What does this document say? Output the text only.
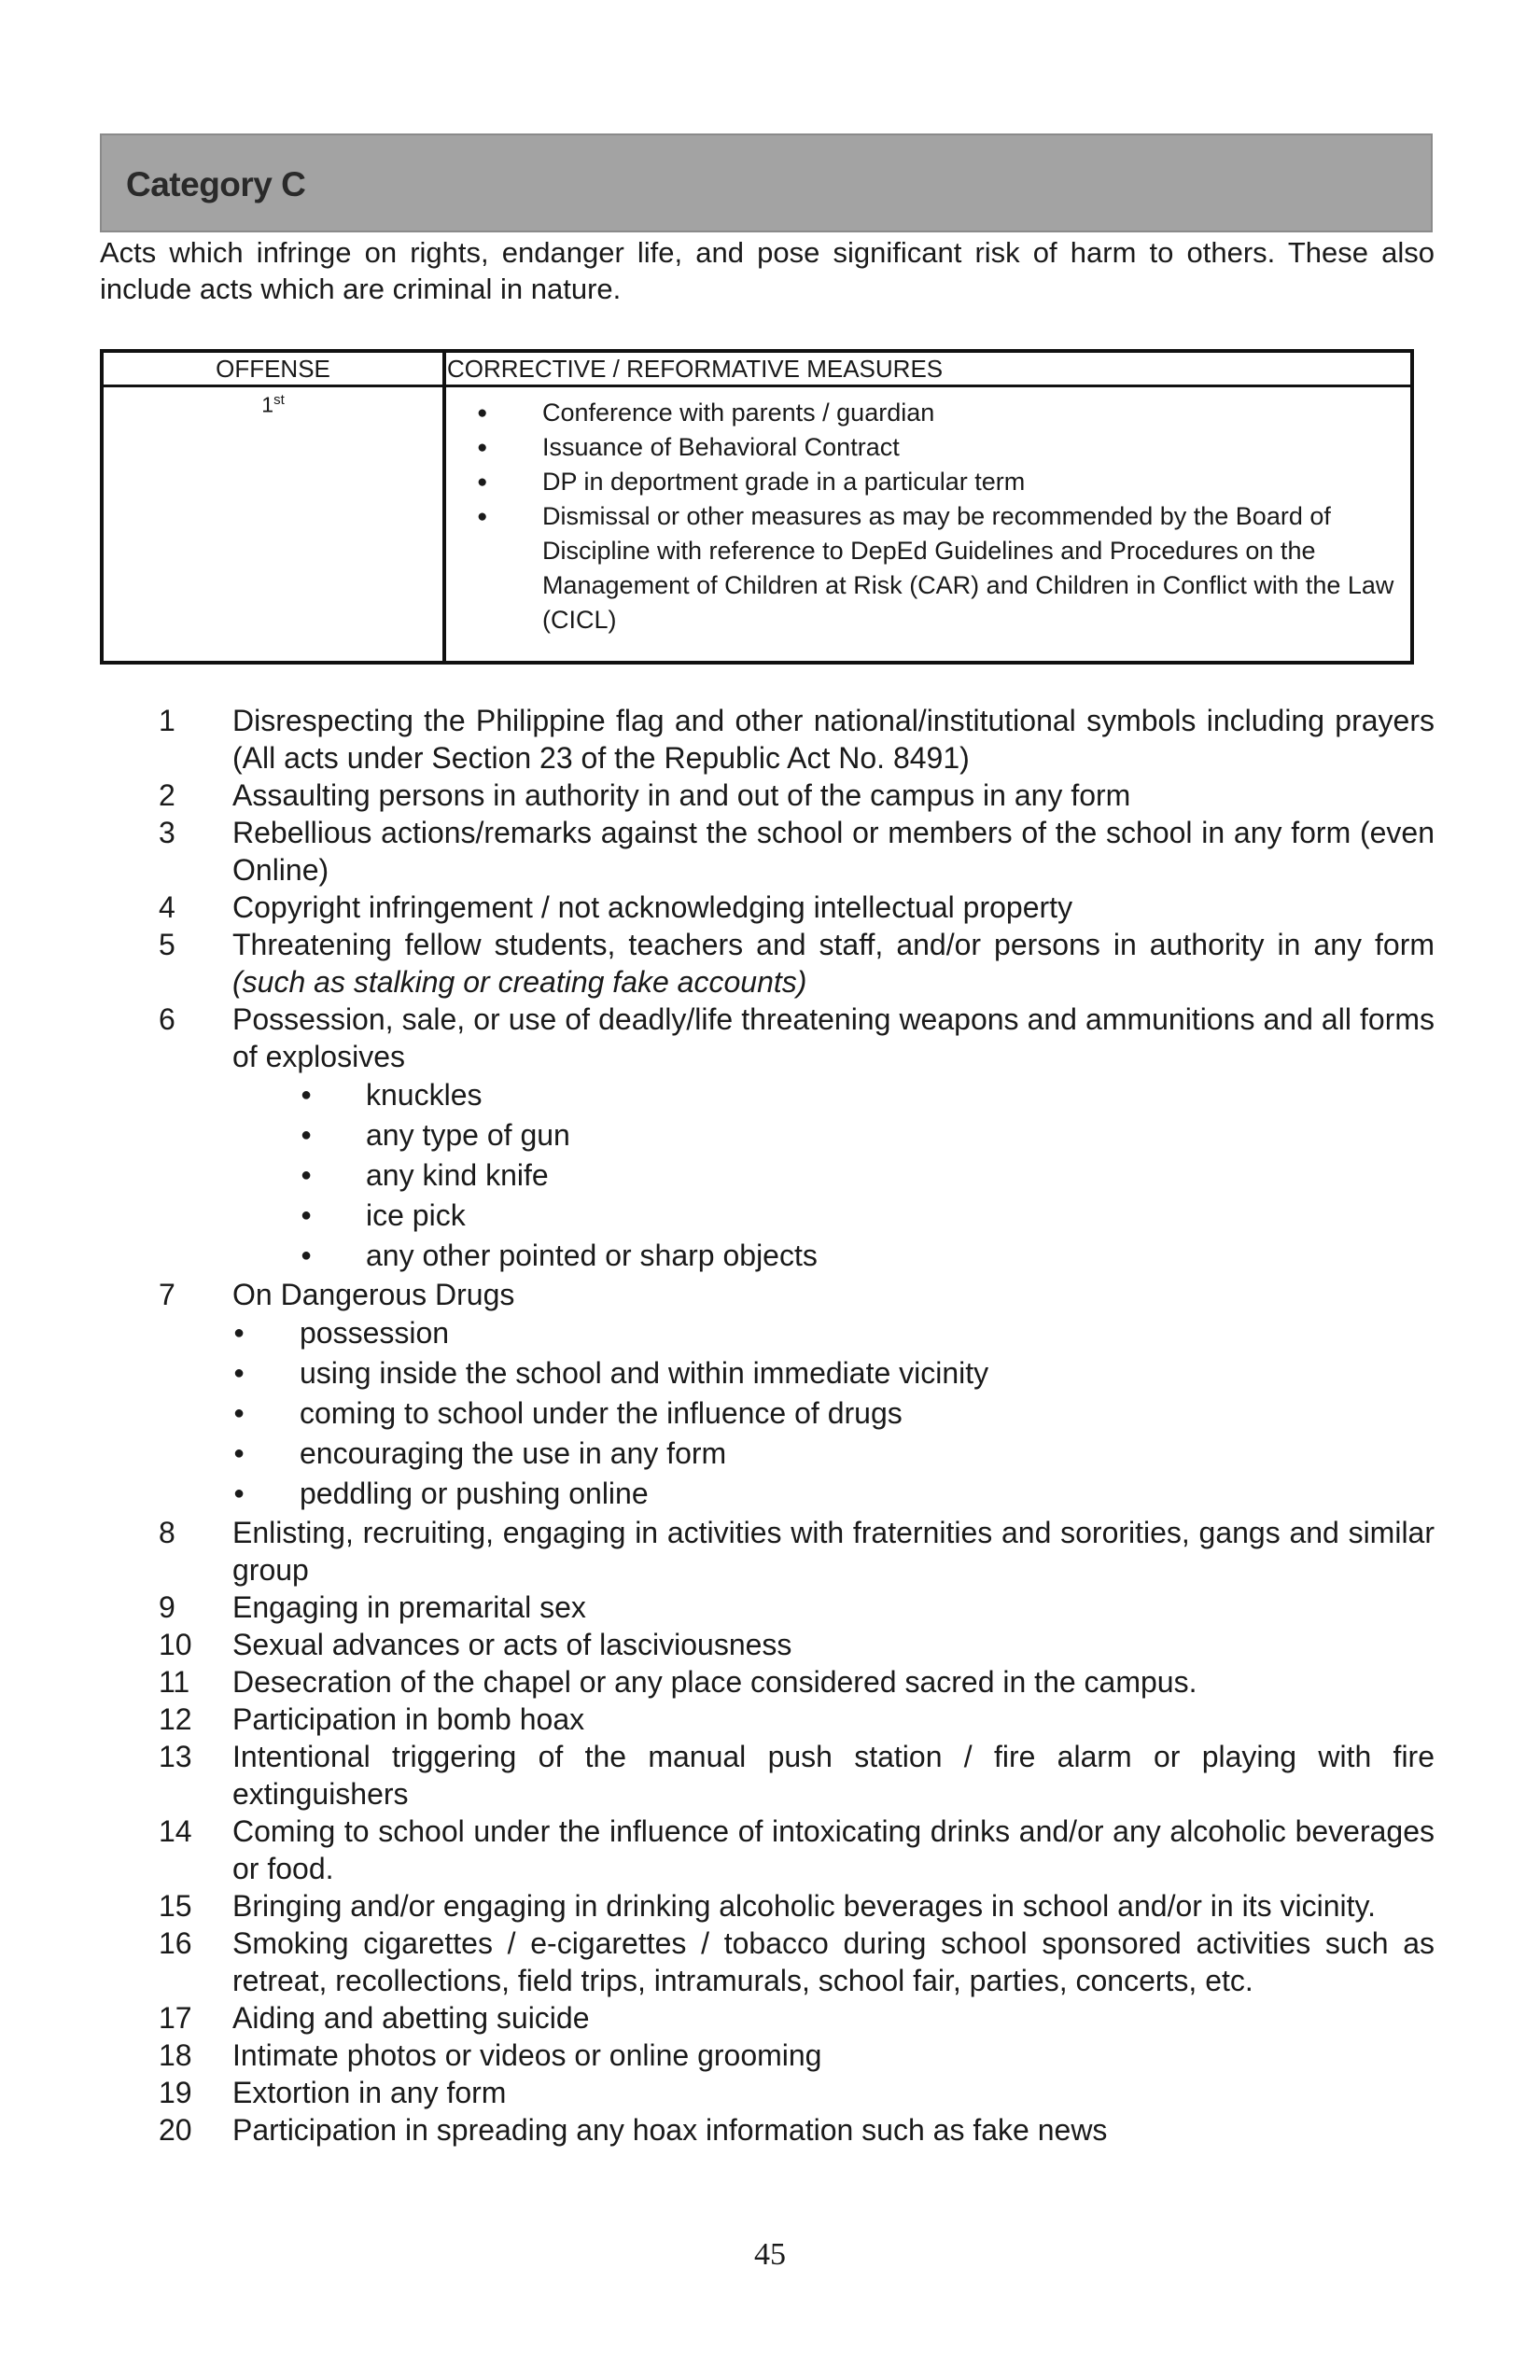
Category C
Acts which infringe on rights, endanger life, and pose significant risk of harm to others. These also include acts which are criminal in nature.
OFFENSE	CORRECTIVE / REFORMATIVE MEASURES
1st
●	Conference with parents / guardian
● Issuance of Behavioral Contract
● DP in deportment grade in a particular term
● Dismissal or other measures as may be recommended by the Board of Discipline with reference to DepEd Guidelines and Procedures on the Management of Children at Risk (CAR) and Children in Conflict with the Law (CICL)
1	Disrespecting the Philippine flag and other national/institutional symbols including prayers (All acts under Section 23 of the Republic Act No. 8491)
2	Assaulting persons in authority in and out of the campus in any form
3	Rebellious actions/remarks against the school or members of the school in any form (even Online)
4	Copyright infringement / not acknowledging intellectual property
5	Threatening fellow students, teachers and staff, and/or persons in authority in any form (such as stalking or creating fake accounts)
6	Possession, sale, or use of deadly/life threatening weapons and ammunitions and all forms of explosives
● knuckles
● any type of gun
● any kind knife
● ice pick
● any other pointed or sharp objects
7	On Dangerous Drugs
● possession
● using inside the school and within immediate vicinity
● coming to school under the influence of drugs
● encouraging the use in any form
● peddling or pushing online
8	Enlisting, recruiting, engaging in activities with fraternities and sororities, gangs and similar group
9	Engaging in premarital sex
10 Sexual advances or acts of lasciviousness
11 Desecration of the chapel or any place considered sacred in the campus.
12 Participation in bomb hoax
13 Intentional triggering of the manual push station / fire alarm or playing with fire extinguishers
14 Coming to school under the influence of intoxicating drinks and/or any alcoholic beverages or food.
15 Bringing and/or engaging in drinking alcoholic beverages in school and/or in its vicinity.
16 Smoking cigarettes / e-cigarettes / tobacco during school sponsored activities such as retreat, recollections, field trips, intramurals, school fair, parties, concerts, etc.
17 Aiding and abetting suicide
18 Intimate photos or videos or online grooming
19 Extortion in any form
20 Participation in spreading any hoax information such as fake news
45
